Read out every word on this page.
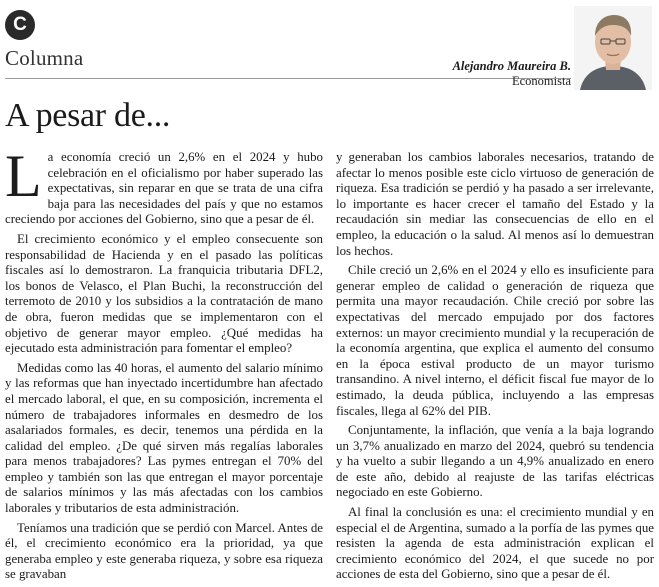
C
Columna	Alejandro Maureira B.
Economista
A pesar de...

La economía creció un 2,6% en el 2024 y hubo celebración en el oficialismo por haber superado las expectativas, sin reparar en que se trata de una cifra baja para las necesidades del país y que no estamos creciendo por acciones del Gobierno, sino que a pesar de él.

El crecimiento económico y el empleo consecuente son responsabilidad de Hacienda y en el pasado las políticas fiscales así lo demostraron. La franquicia tributaria DFL2, los bonos de Velasco, el Plan Buchi, la reconstrucción del terremoto de 2010 y los subsidios a la contratación de mano de obra, fueron medidas que se implementaron con el objetivo de generar mayor empleo. ¿Qué medidas ha ejecutado esta administración para fomentar el empleo?

Medidas como las 40 horas, el aumento del salario mínimo y las reformas que han inyectado incertidumbre han afectado el mercado laboral, el que, en su composición, incrementa el número de trabajadores informales en desmedro de los asalariados formales, es decir, tenemos una pérdida en la calidad del empleo. ¿De qué sirven más regalías laborales para menos trabajadores? Las pymes entregan el 70% del empleo y también son las que entregan el mayor porcentaje de salarios mínimos y las más afectadas con los cambios laborales y tributarios de esta administración.

Teníamos una tradición que se perdió con Marcel. Antes de él, el crecimiento económico era la prioridad, ya que generaba empleo y este generaba riqueza, y sobre esa riqueza se gravaban

y generaban los cambios laborales necesarios, tratando de afectar lo menos posible este ciclo virtuoso de generación de riqueza. Esa tradición se perdió y ha pasado a ser irrelevante, lo importante es hacer crecer el tamaño del Estado y la recaudación sin mediar las consecuencias de ello en el empleo, la educación o la salud. Al menos así lo demuestran los hechos.

Chile creció un 2,6% en el 2024 y ello es insuficiente para generar empleo de calidad o generación de riqueza que permita una mayor recaudación. Chile creció por sobre las expectativas del mercado empujado por dos factores externos: un mayor crecimiento mundial y la recuperación de la economía argentina, que explica el aumento del consumo en la época estival producto de un mayor turismo transandino. A nivel interno, el déficit fiscal fue mayor de lo estimado, la deuda pública, incluyendo a las empresas fiscales, llega al 62% del PIB.

Conjuntamente, la inflación, que venía a la baja logrando un 3,7% anualizado en marzo del 2024, quebró su tendencia y ha vuelto a subir llegando a un 4,9% anualizado en enero de este año, debido al reajuste de las tarifas eléctricas negociado en este Gobierno.

Al final la conclusión es una: el crecimiento mundial y en especial el de Argentina, sumado a la porfía de las pymes que resisten la agenda de esta administración explican el crecimiento económico del 2024, el que sucede no por acciones de esta del Gobierno, sino que a pesar de él.
